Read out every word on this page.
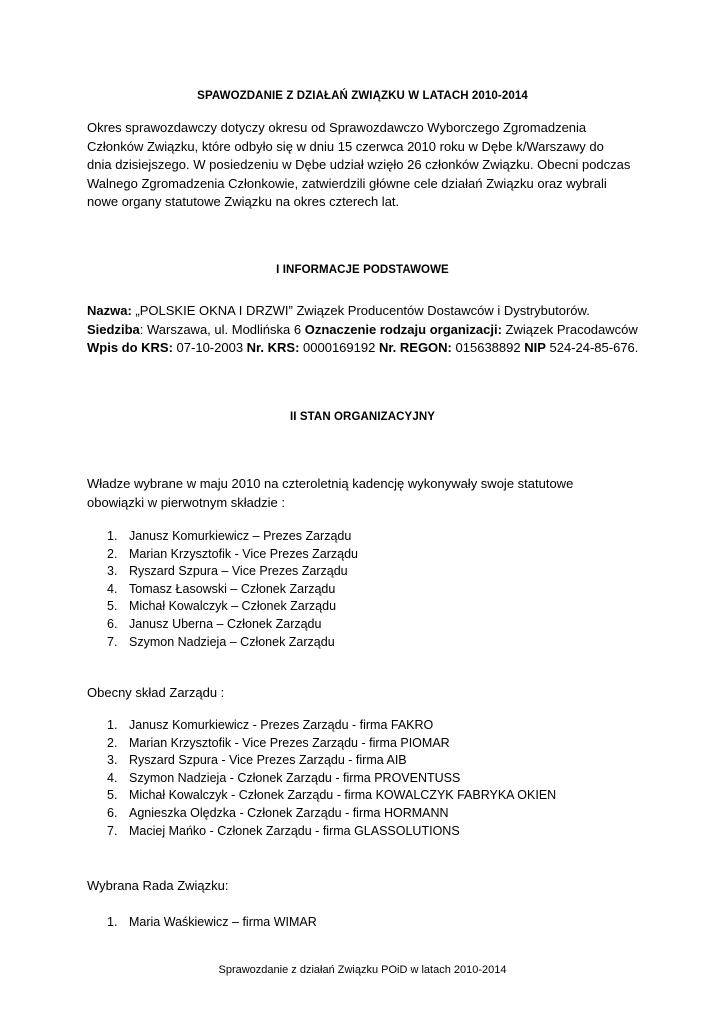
SPAWOZDANIE Z DZIAŁAŃ ZWIĄZKU W LATACH 2010-2014
Okres sprawozdawczy dotyczy okresu od Sprawozdawczo Wyborczego Zgromadzenia
Członków Związku, które odbyło się w dniu 15 czerwca 2010 roku w Dębe k/Warszawy do
dnia dzisiejszego. W posiedzeniu w Dębe udział wzięło 26 członków Związku. Obecni podczas
Walnego Zgromadzenia Członkowie, zatwierdzili główne cele działań Związku oraz wybrali
nowe organy statutowe Związku na okres czterech lat.
I INFORMACJE PODSTAWOWE
Nazwa: „POLSKIE OKNA I DRZWI” Związek Producentów Dostawców i Dystrybutorów.
Siedziba: Warszawa, ul. Modlińska 6 Oznaczenie rodzaju organizacji: Związek Pracodawców
Wpis do KRS: 07-10-2003 Nr. KRS: 0000169192 Nr. REGON: 015638892 NIP 524-24-85-676.
II STAN ORGANIZACYJNY
Władze wybrane w maju 2010 na czteroletnią kadencję wykonywały swoje statutowe
obowiązki w pierwotnym składzie :
1. Janusz Komurkiewicz – Prezes Zarządu
2. Marian Krzysztofik - Vice Prezes Zarządu
3. Ryszard Szpura – Vice Prezes Zarządu
4. Tomasz Łasowski – Członek Zarządu
5. Michał Kowalczyk – Członek Zarządu
6. Janusz Uberna – Członek Zarządu
7. Szymon Nadzieja – Członek Zarządu
Obecny skład Zarządu :
1. Janusz Komurkiewicz - Prezes Zarządu - firma FAKRO
2. Marian Krzysztofik - Vice Prezes Zarządu - firma PIOMAR
3. Ryszard Szpura - Vice Prezes Zarządu - firma AIB
4. Szymon Nadzieja - Członek Zarządu - firma PROVENTUSS
5. Michał Kowalczyk - Członek Zarządu - firma KOWALCZYK FABRYKA OKIEN
6. Agnieszka Olędzka - Członek Zarządu - firma HORMANN
7. Maciej Mańko - Członek Zarządu - firma GLASSOLUTIONS
Wybrana Rada Związku:
1. Maria Waśkiewicz – firma WIMAR
Sprawozdanie z działań Związku POiD w latach 2010-2014
